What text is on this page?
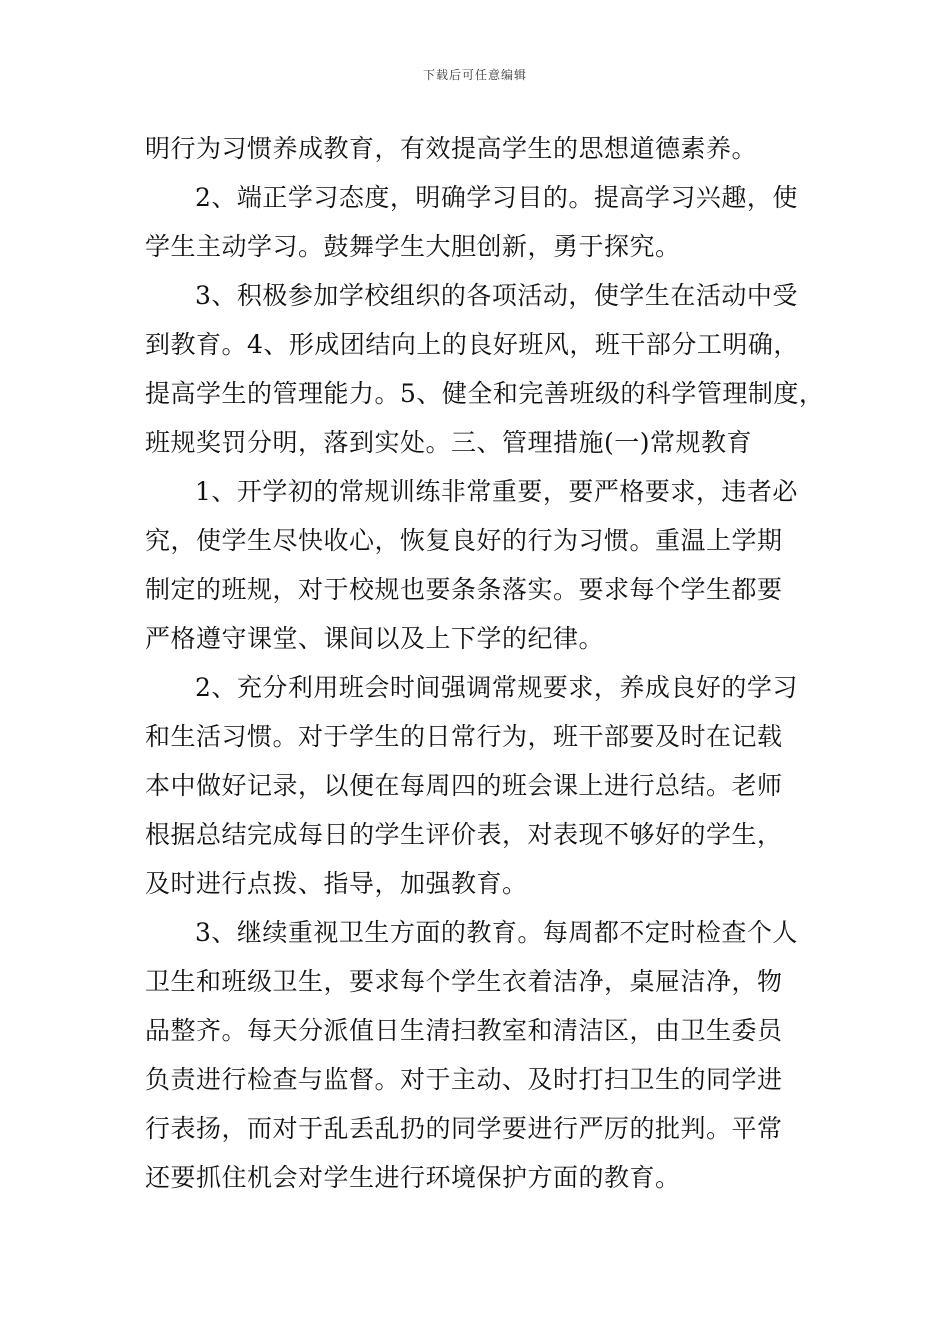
下载后可任意编辑
明行为习惯养成教育，有效提高学生的思想道德素养。
2、端正学习态度，明确学习目的。提高学习兴趣，使
学生主动学习。鼓舞学生大胆创新，勇于探究。
3、积极参加学校组织的各项活动，使学生在活动中受
到教育。4、形成团结向上的良好班风，班干部分工明确，
提高学生的管理能力。5、健全和完善班级的科学管理制度，
班规奖罚分明，落到实处。三、管理措施(一)常规教育
1、开学初的常规训练非常重要，要严格要求，违者必
究，使学生尽快收心，恢复良好的行为习惯。重温上学期
制定的班规，对于校规也要条条落实。要求每个学生都要
严格遵守课堂、课间以及上下学的纪律。
2、充分利用班会时间强调常规要求，养成良好的学习
和生活习惯。对于学生的日常行为，班干部要及时在记载
本中做好记录，以便在每周四的班会课上进行总结。老师
根据总结完成每日的学生评价表，对表现不够好的学生，
及时进行点拨、指导，加强教育。
3、继续重视卫生方面的教育。每周都不定时检查个人
卫生和班级卫生，要求每个学生衣着洁净，桌屉洁净，物
品整齐。每天分派值日生清扫教室和清洁区，由卫生委员
负责进行检查与监督。对于主动、及时打扫卫生的同学进
行表扬，而对于乱丢乱扔的同学要进行严厉的批判。平常
还要抓住机会对学生进行环境保护方面的教育。
